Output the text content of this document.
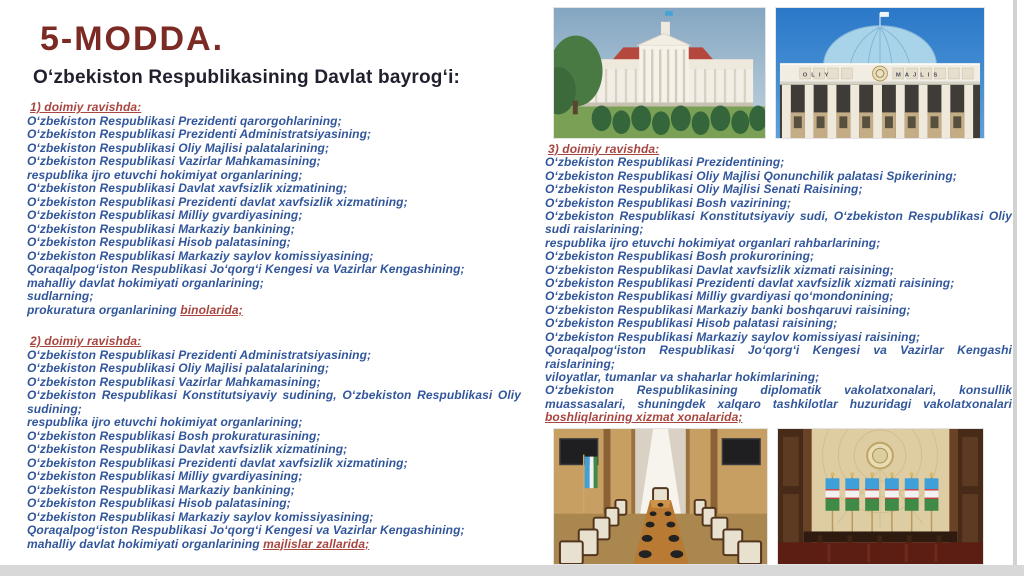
5-MODDA.
O‘zbekiston Respublikasining Davlat bayrog‘i:
1) doimiy ravishda:
O‘zbekiston Respublikasi Prezidenti qarorgohlarining;
O‘zbekiston Respublikasi Prezidenti Administratsiyasining;
O‘zbekiston Respublikasi Oliy Majlisi palatalarining;
O‘zbekiston Respublikasi Vazirlar Mahkamasining;
respublika ijro etuvchi hokimiyat organlarining;
O‘zbekiston Respublikasi Davlat xavfsizlik xizmatining;
O‘zbekiston Respublikasi Prezidenti davlat xavfsizlik xizmatining;
O‘zbekiston Respublikasi Milliy gvardiyasining;
O‘zbekiston Respublikasi Markaziy bankining;
O‘zbekiston Respublikasi Hisob palatasining;
O‘zbekiston Respublikasi Markaziy saylov komissiyasining;
Qoraqalpog‘iston Respublikasi Jo‘qorg‘i Kengesi va Vazirlar Kengashining;
mahalliy davlat hokimiyati organlarining;
sudlarning;
prokuratura organlarining binolarida;
2) doimiy ravishda:
O‘zbekiston Respublikasi Prezidenti Administratsiyasining;
O‘zbekiston Respublikasi Oliy Majlisi palatalarining;
O‘zbekiston Respublikasi Vazirlar Mahkamasining;
O‘zbekiston Respublikasi Konstitutsiyaviy sudining, O‘zbekiston Respublikasi Oliy sudining;
respublika ijro etuvchi hokimiyat organlarining;
O‘zbekiston Respublikasi Bosh prokuraturasining;
O‘zbekiston Respublikasi Davlat xavfsizlik xizmatining;
O‘zbekiston Respublikasi Prezidenti davlat xavfsizlik xizmatining;
O‘zbekiston Respublikasi Milliy gvardiyasining;
O‘zbekiston Respublikasi Markaziy bankining;
O‘zbekiston Respublikasi Hisob palatasining;
O‘zbekiston Respublikasi Markaziy saylov komissiyasining;
Qoraqalpog‘iston Respublikasi Jo‘qorg‘i Kengesi va Vazirlar Kengashining;
mahalliy davlat hokimiyati organlarining majlislar zallarida;
3) doimiy ravishda:
O‘zbekiston Respublikasi Prezidentining;
O‘zbekiston Respublikasi Oliy Majlisi Qonunchilik palatasi Spikerining;
O‘zbekiston Respublikasi Oliy Majlisi Senati Raisining;
O‘zbekiston Respublikasi Bosh vazirining;
O‘zbekiston Respublikasi Konstitutsiyaviy sudi, O‘zbekiston Respublikasi Oliy sudi raislarining;
respublika ijro etuvchi hokimiyat organlari rahbarlarining;
O‘zbekiston Respublikasi Bosh prokurorining;
O‘zbekiston Respublikasi Davlat xavfsizlik xizmati raisining;
O‘zbekiston Respublikasi Prezidenti davlat xavfsizlik xizmati raisining;
O‘zbekiston Respublikasi Milliy gvardiyasi qo‘mondonining;
O‘zbekiston Respublikasi Markaziy banki boshqaruvi raisining;
O‘zbekiston Respublikasi Hisob palatasi raisining;
O‘zbekiston Respublikasi Markaziy saylov komissiyasi raisining;
Qoraqalpog‘iston Respublikasi Jo‘qorg‘i Kengesi va Vazirlar Kengashi raislarining;
viloyatlar, tumanlar va shaharlar hokimlarining;
O‘zbekiston Respublikasining diplomatik vakolatxonalari, konsullik muassasalari, shuningdek xalqaro tashkilotlar huzuridagi vakolatxonalari boshliqlarining xizmat xonalarida;
OLIY	MAJLIS
